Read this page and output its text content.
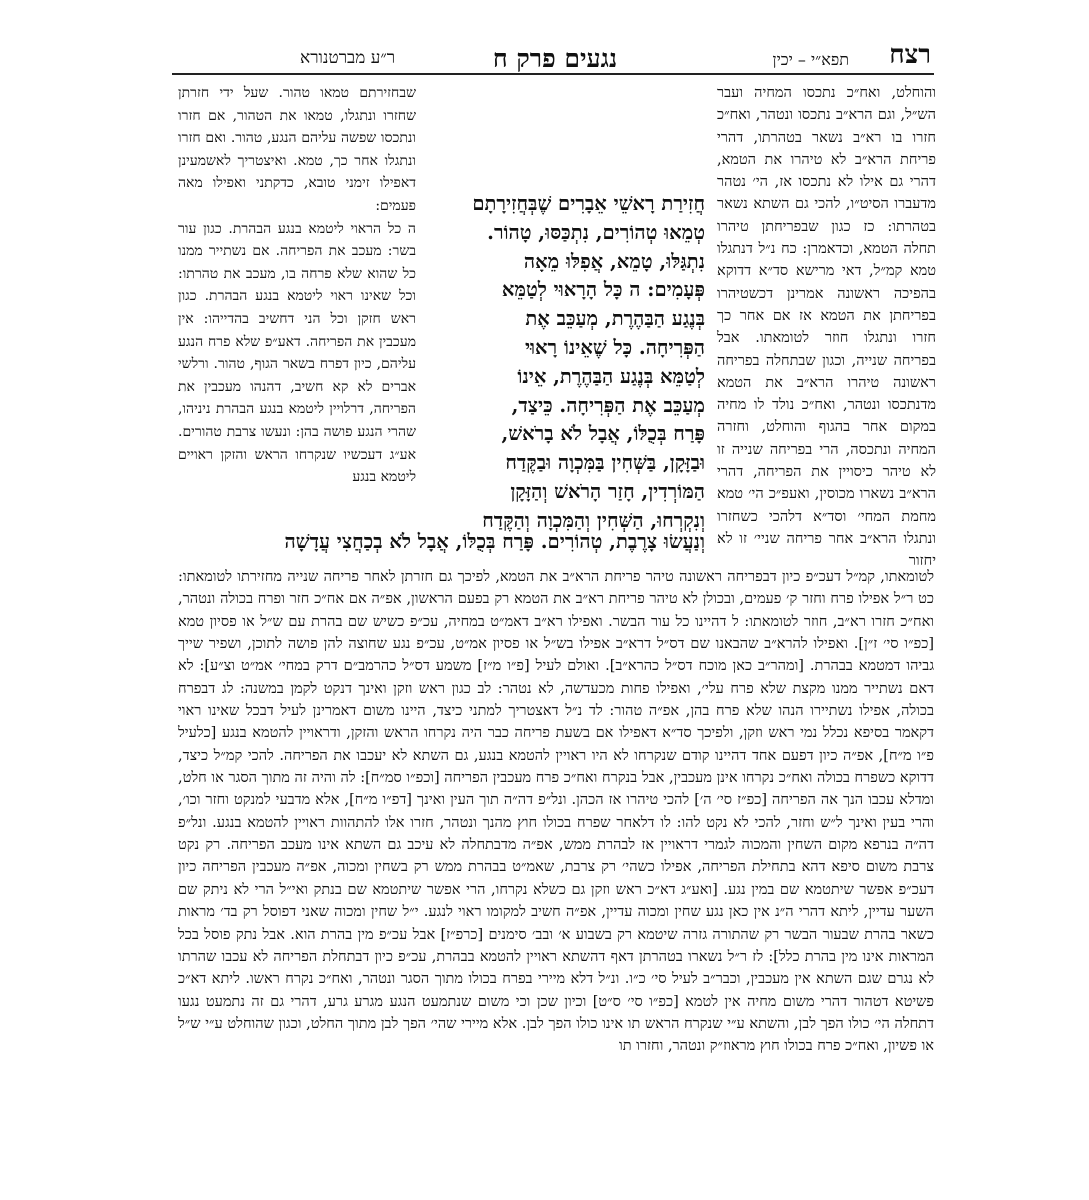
רצח
תפא״י – יכין
נגעים פרק ח
ר״ע מברטנורא

והוחלט, ואח״כ נתכסו המחיה ועבר הש״ל, וגם הרא״ב נתכסו ונטהר, ואח״כ חזרו בו רא״ב נשאר בטהרתו, דהרי פריחת הרא״ב לא טיהרו את הטמא, דהרי גם אילו לא נתכסו אז, הי׳ נטהר מדעברו הסיט״ו, להכי גם השתא נשאר בטהרתו: כז כגון שבפריחתן טיהרו תחלה הטמא, וכדאמרן: כח נ״ל דנתגלו טמא קמ״ל, דאי מרישא סד״א דדוקא בהפיכה ראשונה אמרינן דכשטיהרו בפריחתן את הטמא אז אם אחר כך חזרו ונתגלו חוזר לטומאתו. אבל בפריחה שנייה, וכגון שבתחלה בפריחה ראשונה טיהרו הרא״ב את הטמא מדנתכסו ונטהר, ואח״כ נולד לו מחיה במקום אחר בהגוף והוחלט, וחזרה המחיה ונתכסה, הרי בפריחה שנייה זו לא טיהר כיסויין את הפריחה, דהרי הרא״ב נשארו מכוסין, ואעפ״כ הי׳ טמא מחמת המחי׳ וסד״א דלהכי כשחזרו ונתגלו הרא״ב אחר פריחה שניי׳ זו לא יחזור

שבחזירתם טמאו טהור. שעל ידי חזרתן שחזרו ונתגלו, טמאו את הטהור, אם חזרו ונתכסו שפשה עליהם הנגע, טהור. ואם חזרו ונתגלו אחר כך, טמא. ואיצטריך לאשמעינן דאפילו זימני טובא, כדקתני ואפילו מאה פעמים:

ה כל הראוי ליטמא בנגע הבהרת. כגון עור בשר: מעכב את הפריחה. אם נשתייר ממנו כל שהוא שלא פרחה בו, מעכב את טהרתו: וכל שאינו ראוי ליטמא בנגע הבהרת. כגון ראש חזקן וכל הני דחשיב בהדייהו: אין מעכבין את הפריחה. דאע״פ שלא פרח הנגע עליהם, כיון דפרח בשאר הגוף, טהור. ורלשי אברים לא קא חשיב, דהנהו מעכבין את הפריחה, דרלויין ליטמא בנגע הבהרת ניניהו, שהרי הנגע פושה בהן: ונעשו צרבת טהורים. אע״ג דעכשיו שנקרחו הראש והזקן ראויים ליטמא בנגע

חֲזִירַת רָאשֵׁי אֵבָרִים שֶׁבְּחֲזִירָתָם
טְמֵאוּ טְהוֹרִים, נִתְכַּסּוּ, טָהוֹר.
נִתְגַּלּוּ, טָמֵא, אֲפִלּוּ מֵאָה
פְּעָמִים: ה כָּל הָרָאוּי לְטַמֵּא
בְּנֶגַע הַבַּהֶרֶת, מְעַכֵּב אֶת
הַפְּרִיחָה. כָּל שֶׁאֵינוֹ רָאוּי
לְטַמֵּא בְּנֶגַע הַבַּהֶרֶת, אֵינוֹ
מְעַכֵּב אֶת הַפְּרִיחָה. כֵּיצַד,
פָּרַח בְּכֻלּוֹ, אֲבָל לֹא בָרֹאשׁ,
וּבַזָּקָן, בַּשְּׁחִין בַּמִּכְוָה וּבַקֶּדַח
הַמּוֹרְדִין, חָזַר הָרֹאשׁ וְהַזָּקָן
וְנִקְרְחוּ, הַשְּׁחִין וְהַמִּכְוָה וְהַקֶּדַח
וְנַעֲשׂוּ צָרֶבֶת, טְהוֹרִים. פָּרַח בְּכֻלּוֹ, אֲבָל לֹא בְכַחֲצִי עֲדָשָׁה

לטומאתו, קמ״ל דעכ״פ כיון דבפריחה ראשונה טיהר פריחת הרא״ב את הטמא, לפיכך גם חזרתן לאחר פריחה שנייה מחזירתו לטומאתו: כט ר״ל אפילו פרח וחזר ק׳ פעמים, ובכולן לא טיהר פריחת רא״ב את הטמא רק בפעם הראשון, אפ״ה אם אח״כ חזר ופרח בכולה ונטהר, ואח״כ חזרו רא״ב, חוזר לטומאתו: ל דהיינו כל עור הבשר. ואפילו רא״ב דאמ״ט במחיה, עכ״פ כשיש שם בהרת עם ש״ל או פסיון טמא [כפ״ו סי׳ ז״ן]. ואפילו להרא״ב שהבאנו שם דס״ל דרא״ב אפילו בש״ל או פסיון אמ״ט, עכ״פ נגע שחוצה להן פושה לתוכן, ושפיר שייך גביהו דמטמא בבהרת. [ומהר״ב כאן מוכח דס״ל כהרא״ב]. ואולם לעיל [פ״ו מ״ז] משמע דס״ל כהרמב״ם דרק במחי׳ אמ״ט וצ״ע]: לא דאם נשתייר ממנו מקצת שלא פרח עלי׳, ואפילו פחות מכעדשה, לא נטהר: לב כגון ראש וזקן ואינך דנקט לקמן במשנה: לג דבפרח בכולה, אפילו נשתיירו הנהו שלא פרח בהן, אפ״ה טהור: לד נ״ל דאצטריך למתני כיצד, היינו משום דאמרינן לעיל דבכל שאינו ראוי דקאמר בסיפא נכלל נמי ראש וזקן, ולפיכך סד״א דאפילו אם בשעת פריחה כבר היה נקרחו הראש והזקן, ודראויין להטמא בנגע [כלעיל פ״ו מ״ח], אפ״ה כיון דפעם אחד דהיינו קודם שנקרחו לא היו ראויין להטמא בנגע, גם השתא לא יעכבו את הפריחה. להכי קמ״ל כיצד, דדוקא כשפרח בכולה ואח״כ נקרחו אינן מעכבין, אבל בנקרח ואח״כ פרח מעכבין הפריחה [וכפ״ו סמ״ח]: לה והיה זה מתוך הסגר או חלט, ומדלא עכבו הנך אה הפריחה [כפ״ז סי׳ ה׳] להכי טיהרו אז הכהן. ונל״פ דה״ה תוך העין ואינך [דפ״ו מ״ח], אלא מדבעי למנקט וחזר וכו׳, והרי בעין ואינך ל״ש וחזר, להכי לא נקט להו: לו דלאחר שפרח בכולו חוץ מהנך ונטהר, חזרו אלו להתהוות ראויין להטמא בנגע. ונל״פ דה״ה בנרפא מקום השחין והמכוה לגמרי דראויין אז לבהרת ממש, אפ״ה מדבתחלה לא עיכב גם השתא אינו מעכב הפריחה. רק נקט צרבת משום סיפא דהא בתחילת הפריחה, אפילו כשהי׳ רק צרבת, שאמ״ט בבהרת ממש רק בשחין ומכוה, אפ״ה מעכבין הפריחה כיון דעכ״פ אפשר שיתטמא שם במין נגע. [ואע״ג דא״כ ראש וזקן גם כשלא נקרחו, הרי אפשר שיתטמא שם בנתק ואי״ל הרי לא ניתק שם השער עדיין, ליתא דהרי ה״נ אין כאן נגע שחין ומכוה עדיין, אפ״ה חשיב למקומו ראוי לנגע. י״ל שחין ומכוה שאני דפוסל רק בד׳ מראות כשאר בהרת שבעור הבשר רק שהתורה גזרה שיטמא רק בשבוע א׳ ובב׳ סימנים [כרפ״ז] אבל עכ״פ מין בהרת הוא. אבל נתק פוסל בכל המראות אינו מין בהרת כלל]: לז ר״ל נשארו בטהרתן דאף דהשתא ראויין להטמא בבהרת, עכ״פ כיון דבתחלת הפריחה לא עכבו שהרתו לא נגרם שגם השתא אין מעכבין, וכבר״ב לעיל סי׳ כ״ו. ונ״ל דלא מיירי בפרח בכולו מתוך הסגר ונטהר, ואח״כ נקרח ראשו. ליתא דא״כ פשיטא דטהור דהרי משום מחיה אין לטמא [כפ״ו סי׳ ס״ט] וכיון שכן וכי משום שנתמעט הנגע מגרע גרע, דהרי גם זה נתמעט נגעו דתחלה הי׳ כולו הפך לבן, והשתא ע״י שנקרח הראש תו אינו כולו הפך לבן. אלא מיירי שהי׳ הפך לבן מתוך החלט, וכגון שהוחלט ע״י ש״ל או פשיון, ואח״כ פרח בכולו חוץ מראוז״ק ונטהר, וחזרו תו
